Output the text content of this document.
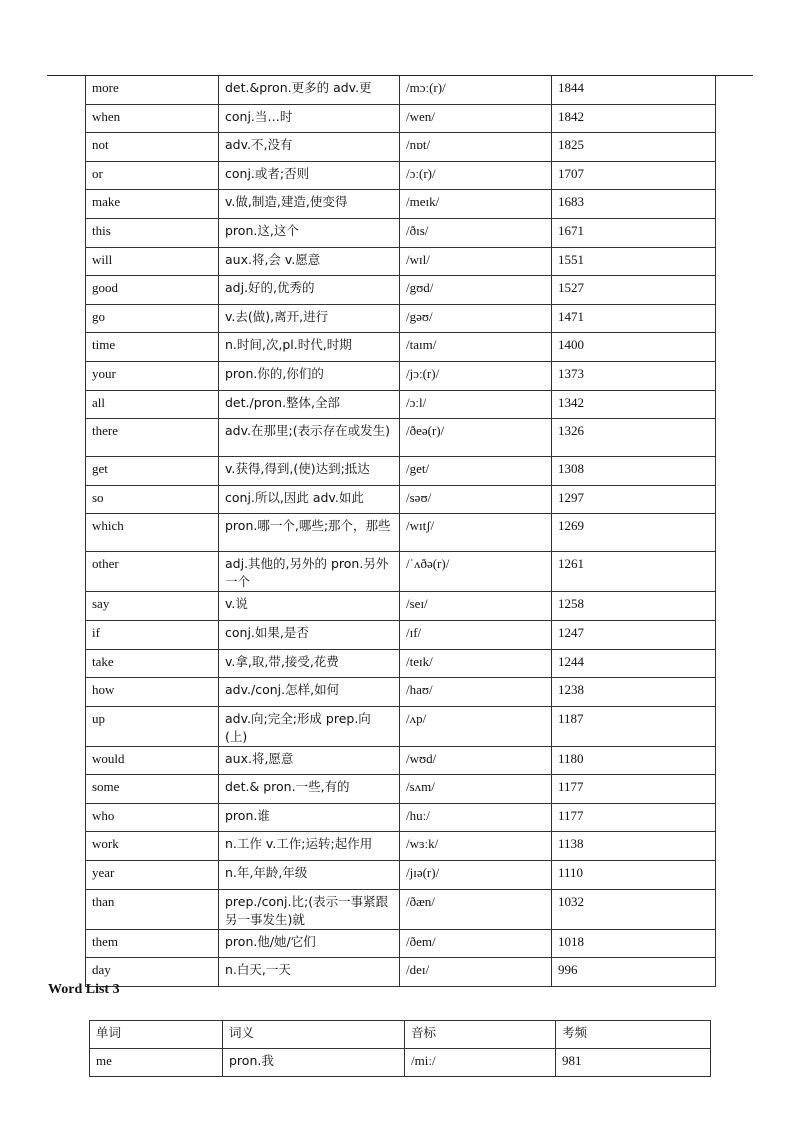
more	det.&pron.更多的 adv.更	/mɔː(r)/	1844
when	conj.当…时	/wen/	1842
not	adv.不,没有	/nɒt/	1825
or	conj.或者;否则	/ɔː(r)/	1707
make	v.做,制造,建造,使变得	/meɪk/	1683
this	pron.这,这个	/ðɪs/	1671
will	aux.将,会 v.愿意	/wɪl/	1551
good	adj.好的,优秀的	/gʊd/	1527
go	v.去(做),离开,进行	/gəʊ/	1471
time	n.时间,次,pl.时代,时期	/taɪm/	1400
your	pron.你的,你们的	/jɔː(r)/	1373
all	det./pron.整体,全部	/ɔːl/	1342
there	adv.在那里;(表示存在或发生)	/ðeə(r)/	1326
get	v.获得,得到,(使)达到;抵达	/get/	1308
so	conj.所以,因此 adv.如此	/səʊ/	1297
which	pron.哪一个,哪些;那个，那些	/wɪtʃ/	1269
other	adj.其他的,另外的 pron.另外一个	/ˈʌðə(r)/	1261
say	v.说	/seɪ/	1258
if	conj.如果,是否	/ɪf/	1247
take	v.拿,取,带,接受,花费	/teɪk/	1244
how	adv./conj.怎样,如何	/haʊ/	1238
up	adv.向;完全;形成 prep.向(上)	/ʌp/	1187
would	aux.将,愿意	/wʊd/	1180
some	det.& pron.一些,有的	/sʌm/	1177
who	pron.谁	/huː/	1177
work	n.工作 v.工作;运转;起作用	/wɜːk/	1138
year	n.年,年龄,年级	/jɪə(r)/	1110
than	prep./conj.比;(表示一事紧跟另一事发生)就	/ðæn/	1032
them	pron.他/她/它们	/ðem/	1018
day	n.白天,一天	/deɪ/	996
Word List 3
单词	词义	音标	考频
me	pron.我	/miː/	981
